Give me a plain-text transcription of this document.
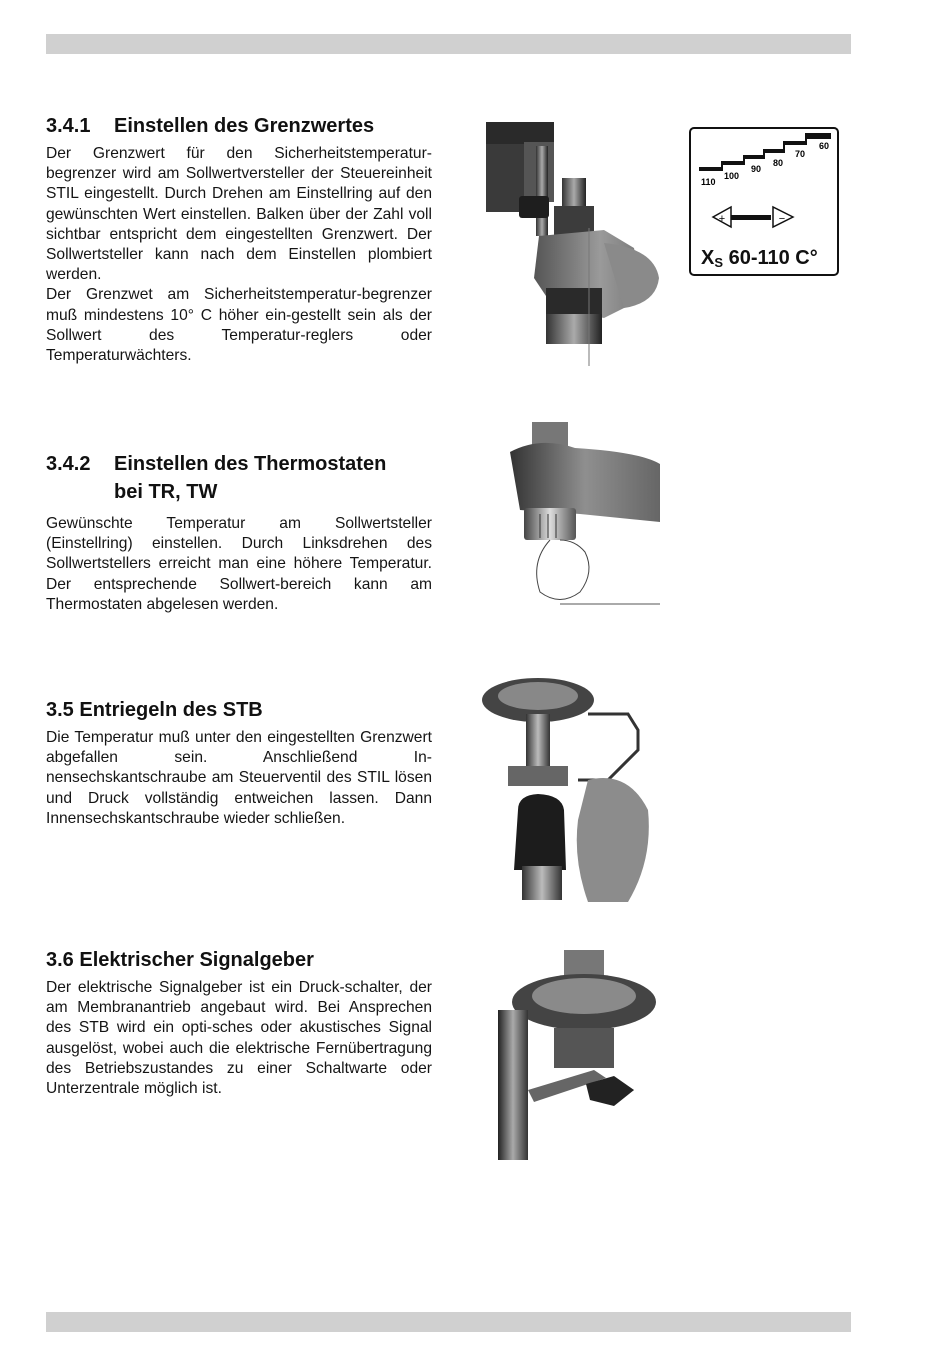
3.4.1 Einstellen des Grenzwertes

Der Grenzwert für den Sicherheitstemperatur-begrenzer wird am Sollwertversteller der Steuereinheit STIL eingestellt. Durch Drehen am Einstellring auf den gewünschten Wert einstellen. Balken über der Zahl voll sichtbar entspricht dem eingestellten Grenzwert. Der Sollwertsteller kann nach dem Einstellen plombiert werden.

Der Grenzwet am Sicherheitstemperatur-begrenzer muß mindestens 10° C höher ein-gestellt sein als der Sollwert des Temperatur-reglers oder Temperaturwächters.

3.4.2 Einstellen des Thermostaten
bei TR, TW

Gewünschte Temperatur am Sollwertsteller (Einstellring) einstellen. Durch Linksdrehen des Sollwertstellers erreicht man eine höhere Temperatur. Der entsprechende Sollwert-bereich kann am Thermostaten abgelesen werden.

3.5 Entriegeln des STB

Die Temperatur muß unter den eingestellten Grenzwert abgefallen sein. Anschließend In-nensechskantschraube am Steuerventil des STIL lösen und Druck vollständig entweichen lassen. Dann Innensechskantschraube wieder schließen.

3.6 Elektrischer Signalgeber

Der elektrische Signalgeber ist ein Druck-schalter, der am Membranantrieb angebaut wird. Bei Ansprechen des STB wird ein opti-sches oder akustisches Signal ausgelöst, wobei auch die elektrische Fernübertragung des Betriebszustandes zu einer Schaltwarte oder Unterzentrale möglich ist.

110
100
90
80
70
60
+	−
$X_S$ 60-110 C°
